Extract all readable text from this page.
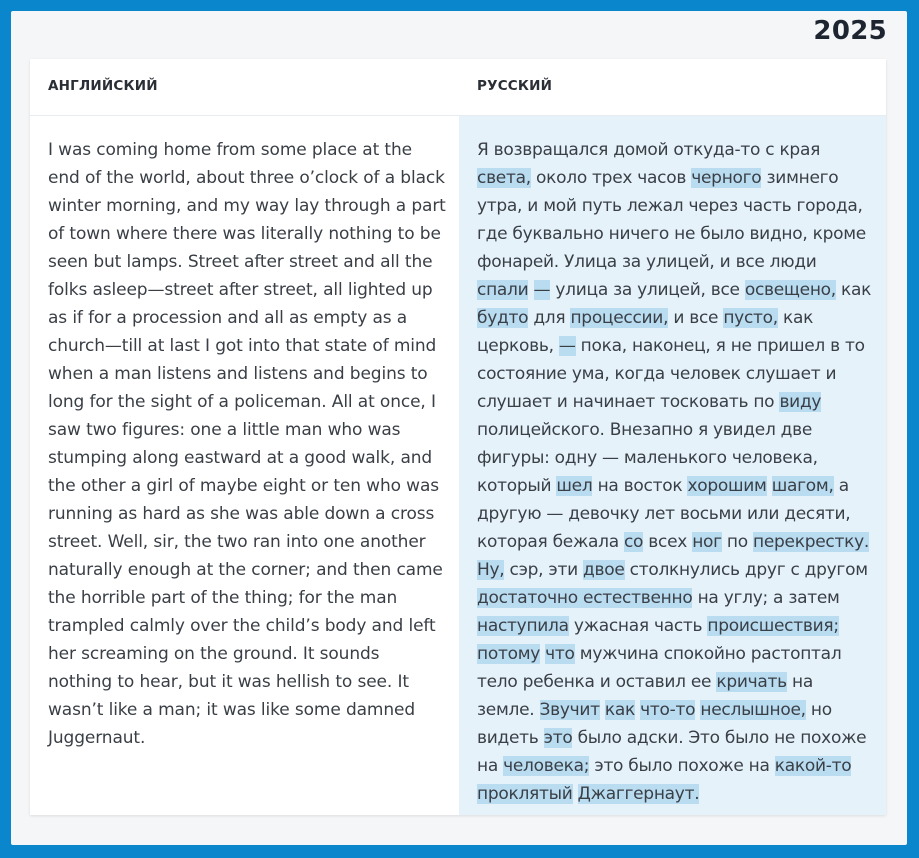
2025
АНГЛИЙСКИЙ	РУССКИЙ
I was coming home from some place at the end of the world, about three o’clock of a black winter morning, and my way lay through a part of town where there was literally nothing to be seen but lamps. Street after street and all the folks asleep—street after street, all lighted up as if for a procession and all as empty as a church—till at last I got into that state of mind when a man listens and listens and begins to long for the sight of a policeman. All at once, I saw two figures: one a little man who was stumping along eastward at a good walk, and the other a girl of maybe eight or ten who was running as hard as she was able down a cross street. Well, sir, the two ran into one another naturally enough at the corner; and then came the horrible part of the thing; for the man trampled calmly over the child’s body and left her screaming on the ground. It sounds nothing to hear, but it was hellish to see. It wasn’t like a man; it was like some damned Juggernaut.
Я возвращался домой откуда-то с края света, около трех часов черного зимнего утра, и мой путь лежал через часть города, где буквально ничего не было видно, кроме фонарей. Улица за улицей, и все люди спали — улица за улицей, все освещено, как будто для процессии, и все пусто, как церковь, — пока, наконец, я не пришел в то состояние ума, когда человек слушает и слушает и начинает тосковать по виду полицейского. Внезапно я увидел две фигуры: одну — маленького человека, который шел на восток хорошим шагом, а другую — девочку лет восьми или десяти, которая бежала со всех ног по перекрестку. Ну, сэр, эти двое столкнулись друг с другом достаточно естественно на углу; а затем наступила ужасная часть происшествия; потому что мужчина спокойно растоптал тело ребенка и оставил ее кричать на земле. Звучит как что-то неслышное, но видеть это было адски. Это было не похоже на человека; это было похоже на какой-то проклятый Джаггернаут.
